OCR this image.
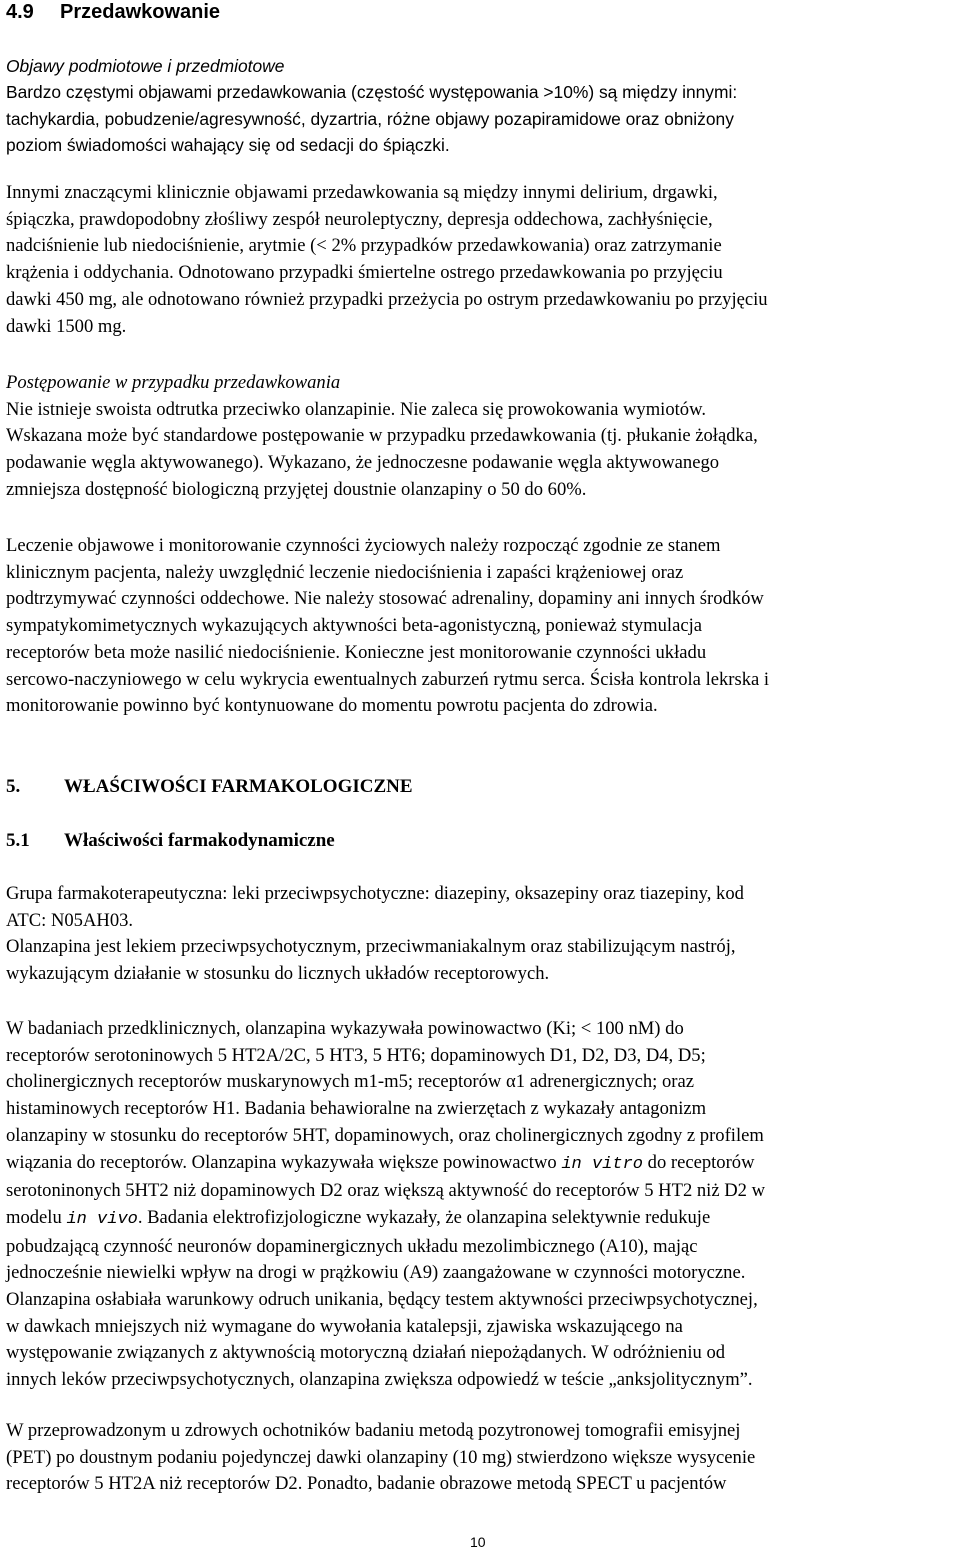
4.9 Przedawkowanie
Objawy podmiotowe i przedmiotowe
Bardzo częstymi objawami przedawkowania (częstość występowania >10%) są między innymi:
tachykardia, pobudzenie/agresywność, dyzartria, różne objawy pozapiramidowe oraz obniżony
poziom świadomości wahający się od sedacji do śpiączki.
Innymi znaczącymi klinicznie objawami przedawkowania są między innymi delirium, drgawki,
śpiączka, prawdopodobny złośliwy zespół neuroleptyczny, depresja oddechowa, zachłyśnięcie,
nadciśnienie lub niedociśnienie, arytmie (< 2% przypadków przedawkowania) oraz zatrzymanie
krążenia i oddychania. Odnotowano przypadki śmiertelne ostrego przedawkowania po przyjęciu
dawki 450 mg, ale odnotowano również przypadki przeżycia po ostrym przedawkowaniu po przyjęciu
dawki 1500 mg.
Postępowanie w przypadku przedawkowania
Nie istnieje swoista odtrutka przeciwko olanzapinie. Nie zaleca się prowokowania wymiotów.
Wskazana może być standardowe postępowanie w przypadku przedawkowania (tj. płukanie żołądka,
podawanie węgla aktywowanego). Wykazano, że jednoczesne podawanie węgla aktywowanego
zmniejsza dostępność biologiczną przyjętej doustnie olanzapiny o 50 do 60%.
Leczenie objawowe i monitorowanie czynności życiowych należy rozpocząć zgodnie ze stanem
klinicznym pacjenta, należy uwzględnić leczenie niedociśnienia i zapaści krążeniowej oraz
podtrzymywać czynności oddechowe. Nie należy stosować adrenaliny, dopaminy ani innych środków
sympatykomimetycznych wykazujących aktywności beta-agonistyczną, ponieważ stymulacja
receptorów beta może nasilić niedociśnienie. Konieczne jest monitorowanie czynności układu
sercowo-naczyniowego w celu wykrycia ewentualnych zaburzeń rytmu serca. Ścisła kontrola lekrska i
monitorowanie powinno być kontynuowane do momentu powrotu pacjenta do zdrowia.
5. WŁAŚCIWOŚCI FARMAKOLOGICZNE
5.1 Właściwości farmakodynamiczne
Grupa farmakoterapeutyczna: leki przeciwpsychotyczne: diazepiny, oksazepiny oraz tiazepiny, kod
ATC: N05AH03.
Olanzapina jest lekiem przeciwpsychotycznym, przeciwmaniakalnym oraz stabilizującym nastrój,
wykazującym działanie w stosunku do licznych układów receptorowych.
W badaniach przedklinicznych, olanzapina wykazywała powinowactwo (Ki; < 100 nM) do
receptorów serotoninowych 5 HT2A/2C, 5 HT3, 5 HT6; dopaminowych D1, D2, D3, D4, D5;
cholinergicznych receptorów muskarynowych m1-m5; receptorów α1 adrenergicznych; oraz
histaminowych receptorów H1. Badania behawioralne na zwierzętach z wykazały antagonizm
olanzapiny w stosunku do receptorów 5HT, dopaminowych, oraz cholinergicznych zgodny z profilem
wiązania do receptorów. Olanzapina wykazywała większe powinowactwo in vitro do receptorów
serotoninonych 5HT2 niż dopaminowych D2 oraz większą aktywność do receptorów 5 HT2 niż D2 w
modelu in vivo. Badania elektrofizjologiczne wykazały, że olanzapina selektywnie redukuje
pobudzającą czynność neuronów dopaminergicznych układu mezolimbicznego (A10), mając
jednocześnie niewielki wpływ na drogi w prążkowiu (A9) zaangażowane w czynności motoryczne.
Olanzapina osłabiała warunkowy odruch unikania, będący testem aktywności przeciwpsychotycznej,
w dawkach mniejszych niż wymagane do wywołania katalepsji, zjawiska wskazującego na
występowanie związanych z aktywnością motoryczną działań niepożądanych. W odróżnieniu od
innych leków przeciwpsychotycznych, olanzapina zwiększa odpowiedź w teście „anksjolitycznym”.
W przeprowadzonym u zdrowych ochotników badaniu metodą pozytronowej tomografii emisyjnej
(PET) po doustnym podaniu pojedynczej dawki olanzapiny (10 mg) stwierdzono większe wysycenie
receptorów 5 HT2A niż receptorów D2. Ponadto, badanie obrazowe metodą SPECT u pacjentów
10
